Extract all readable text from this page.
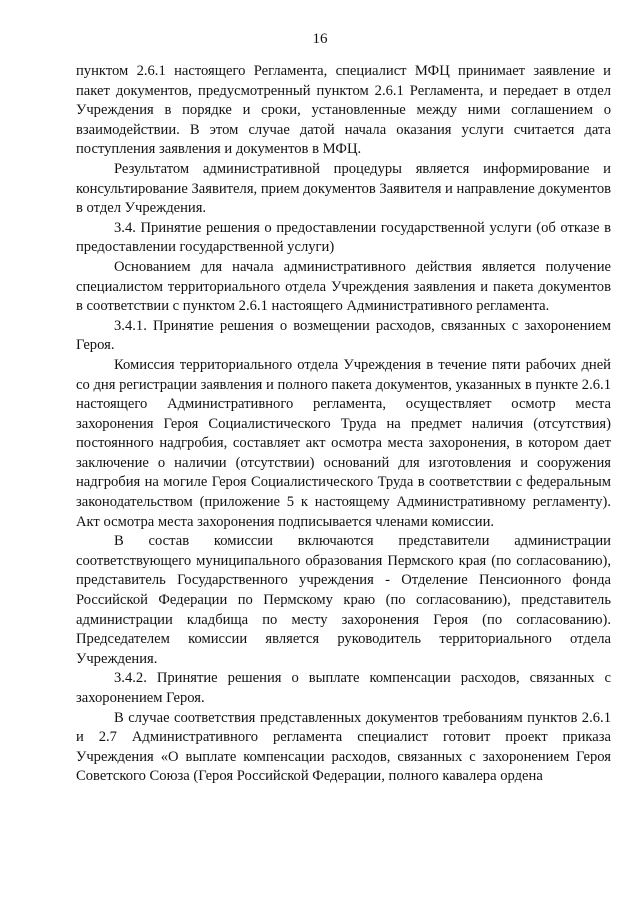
16

пунктом 2.6.1 настоящего Регламента, специалист МФЦ принимает заявление и пакет документов, предусмотренный пунктом 2.6.1 Регламента, и передает в отдел Учреждения в порядке и сроки, установленные между ними соглашением о взаимодействии. В этом случае датой начала оказания услуги считается дата поступления заявления и документов в МФЦ.

Результатом административной процедуры является информирование и консультирование Заявителя, прием документов Заявителя и направление документов в отдел Учреждения.

3.4. Принятие решения о предоставлении государственной услуги (об отказе в предоставлении государственной услуги)

Основанием для начала административного действия является получение специалистом территориального отдела Учреждения заявления и пакета документов в соответствии с пунктом 2.6.1 настоящего Административного регламента.

3.4.1. Принятие решения о возмещении расходов, связанных с захоронением Героя.

Комиссия территориального отдела Учреждения в течение пяти рабочих дней со дня регистрации заявления и полного пакета документов, указанных в пункте 2.6.1 настоящего Административного регламента, осуществляет осмотр места захоронения Героя Социалистического Труда на предмет наличия (отсутствия) постоянного надгробия, составляет акт осмотра места захоронения, в котором дает заключение о наличии (отсутствии) оснований для изготовления и сооружения надгробия на могиле Героя Социалистического Труда в соответствии с федеральным законодательством (приложение 5 к настоящему Административному регламенту). Акт осмотра места захоронения подписывается членами комиссии.

В состав комиссии включаются представители администрации соответствующего муниципального образования Пермского края (по согласованию), представитель Государственного учреждения - Отделение Пенсионного фонда Российской Федерации по Пермскому краю (по согласованию), представитель администрации кладбища по месту захоронения Героя (по согласованию). Председателем комиссии является руководитель территориального отдела Учреждения.

3.4.2. Принятие решения о выплате компенсации расходов, связанных с захоронением Героя.

В случае соответствия представленных документов требованиям пунктов 2.6.1 и 2.7 Административного регламента специалист готовит проект приказа Учреждения «О выплате компенсации расходов, связанных с захоронением Героя Советского Союза (Героя Российской Федерации, полного кавалера ордена
